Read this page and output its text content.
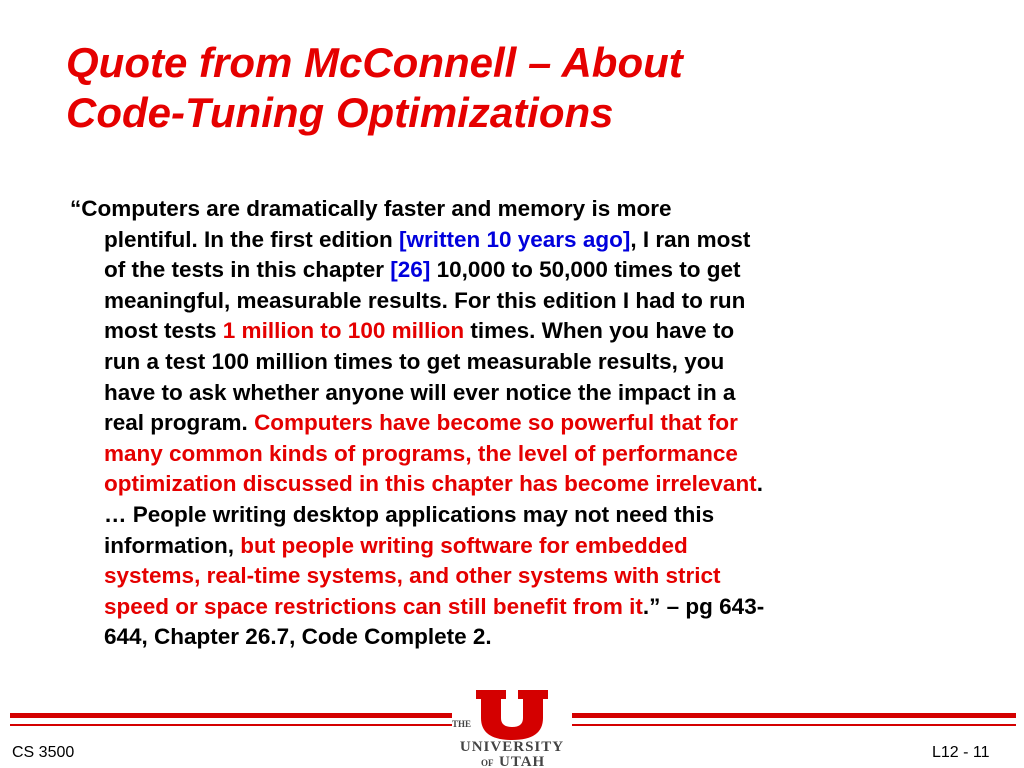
Quote from McConnell – About
Code-Tuning Optimizations
“Computers are dramatically faster and memory is more
plentiful. In the first edition [written 10 years ago], I ran most
of the tests in this chapter [26] 10,000 to 50,000 times to get
meaningful, measurable results. For this edition I had to run
most tests 1 million to 100 million times. When you have to
run a test 100 million times to get measurable results, you
have to ask whether anyone will ever notice the impact in a
real program. Computers have become so powerful that for
many common kinds of programs, the level of performance
optimization discussed in this chapter has become irrelevant.
… People writing desktop applications may not need this
information, but people writing software for embedded
systems, real-time systems, and other systems with strict
speed or space restrictions can still benefit from it.” – pg 643-
644, Chapter 26.7, Code Complete 2.
THE
UNIVERSITY
OF UTAH
CS 3500	L12 - 11
